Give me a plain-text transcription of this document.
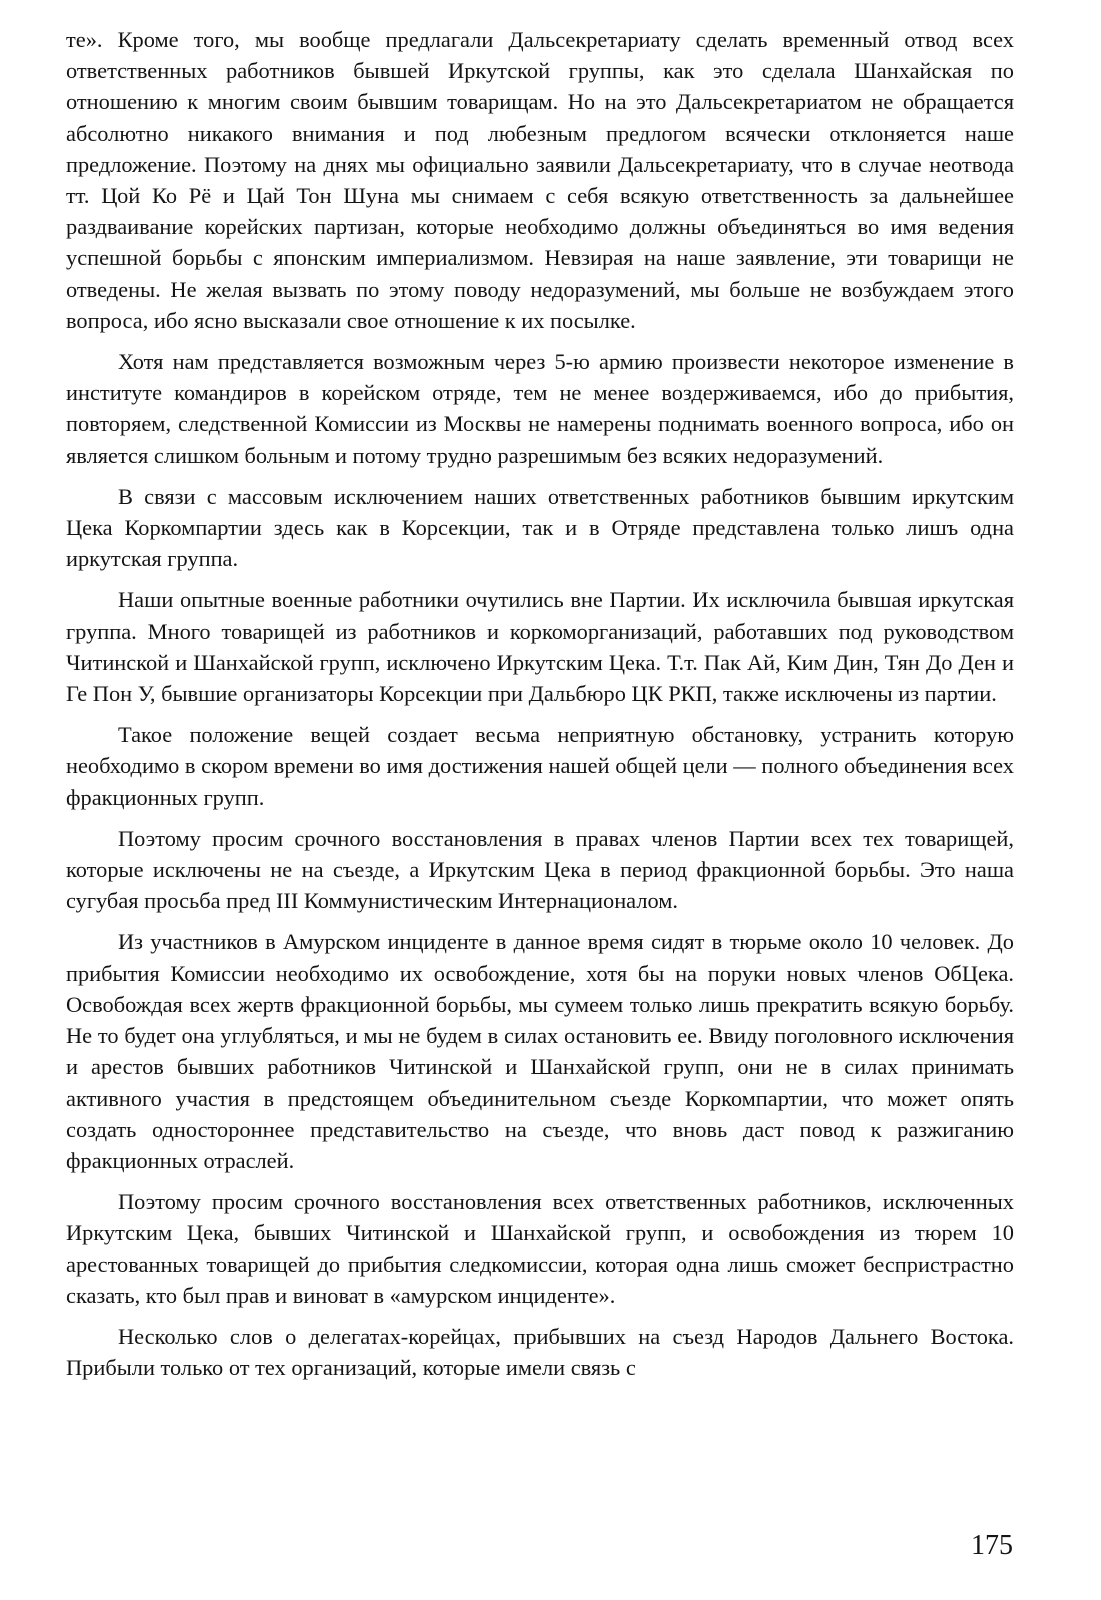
те». Кроме того, мы вообще предлагали Дальсекретариату сделать временный отвод всех ответственных работников бывшей Иркутской группы, как это сделала Шанхайская по отношению к многим своим бывшим товарищам. Но на это Дальсекретариатом не обращается абсолютно никакого внимания и под любезным предлогом всячески отклоняется наше предложение. Поэтому на днях мы официально заявили Дальсекретариату, что в случае неотвода тт. Цой Ко Рё и Цай Тон Шуна мы снимаем с себя всякую ответственность за дальнейшее раздваивание корейских партизан, которые необходимо должны объединяться во имя ведения успешной борьбы с японским империализмом. Невзирая на наше заявление, эти товарищи не отведены. Не желая вызвать по этому поводу недоразумений, мы больше не возбуждаем этого вопроса, ибо ясно высказали свое отношение к их посылке.

Хотя нам представляется возможным через 5-ю армию произвести некоторое изменение в институте командиров в корейском отряде, тем не менее воздерживаемся, ибо до прибытия, повторяем, следственной Комиссии из Москвы не намерены поднимать военного вопроса, ибо он является слишком больным и потому трудно разрешимым без всяких недоразумений.

В связи с массовым исключением наших ответственных работников бывшим иркутским Цека Коркомпартии здесь как в Корсекции, так и в Отряде представлена только лишъ одна иркутская группа.

Наши опытные военные работники очутились вне Партии. Их исключила бывшая иркутская группа. Много товарищей из работников и коркоморганизаций, работавших под руководством Читинской и Шанхайской групп, исключено Иркутским Цека. Т.т. Пак Ай, Ким Дин, Тян До Ден и Ге Пон У, бывшие организаторы Корсекции при Дальбюро ЦК РКП, также исключены из партии.

Такое положение вещей создает весьма неприятную обстановку, устранить которую необходимо в скором времени во имя достижения нашей общей цели — полного объединения всех фракционных групп.

Поэтому просим срочного восстановления в правах членов Партии всех тех товарищей, которые исключены не на съезде, а Иркутским Цека в период фракционной борьбы. Это наша сугубая просьба пред III Коммунистическим Интернационалом.

Из участников в Амурском инциденте в данное время сидят в тюрьме около 10 человек. До прибытия Комиссии необходимо их освобождение, хотя бы на поруки новых членов ОбЦека. Освобождая всех жертв фракционной борьбы, мы сумеем только лишь прекратить всякую борьбу. Не то будет она углубляться, и мы не будем в силах остановить ее. Ввиду поголовного исключения и арестов бывших работников Читинской и Шанхайской групп, они не в силах принимать активного участия в предстоящем объединительном съезде Коркомпартии, что может опять создать одностороннее представительство на съезде, что вновь даст повод к разжиганию фракционных отраслей.

Поэтому просим срочного восстановления всех ответственных работников, исключенных Иркутским Цека, бывших Читинской и Шанхайской групп, и освобождения из тюрем 10 арестованных товарищей до прибытия следкомиссии, которая одна лишь сможет беспристрастно сказать, кто был прав и виноват в «амурском инциденте».

Несколько слов о делегатах-корейцах, прибывших на съезд Народов Дальнего Востока. Прибыли только от тех организаций, которые имели связь с

175
